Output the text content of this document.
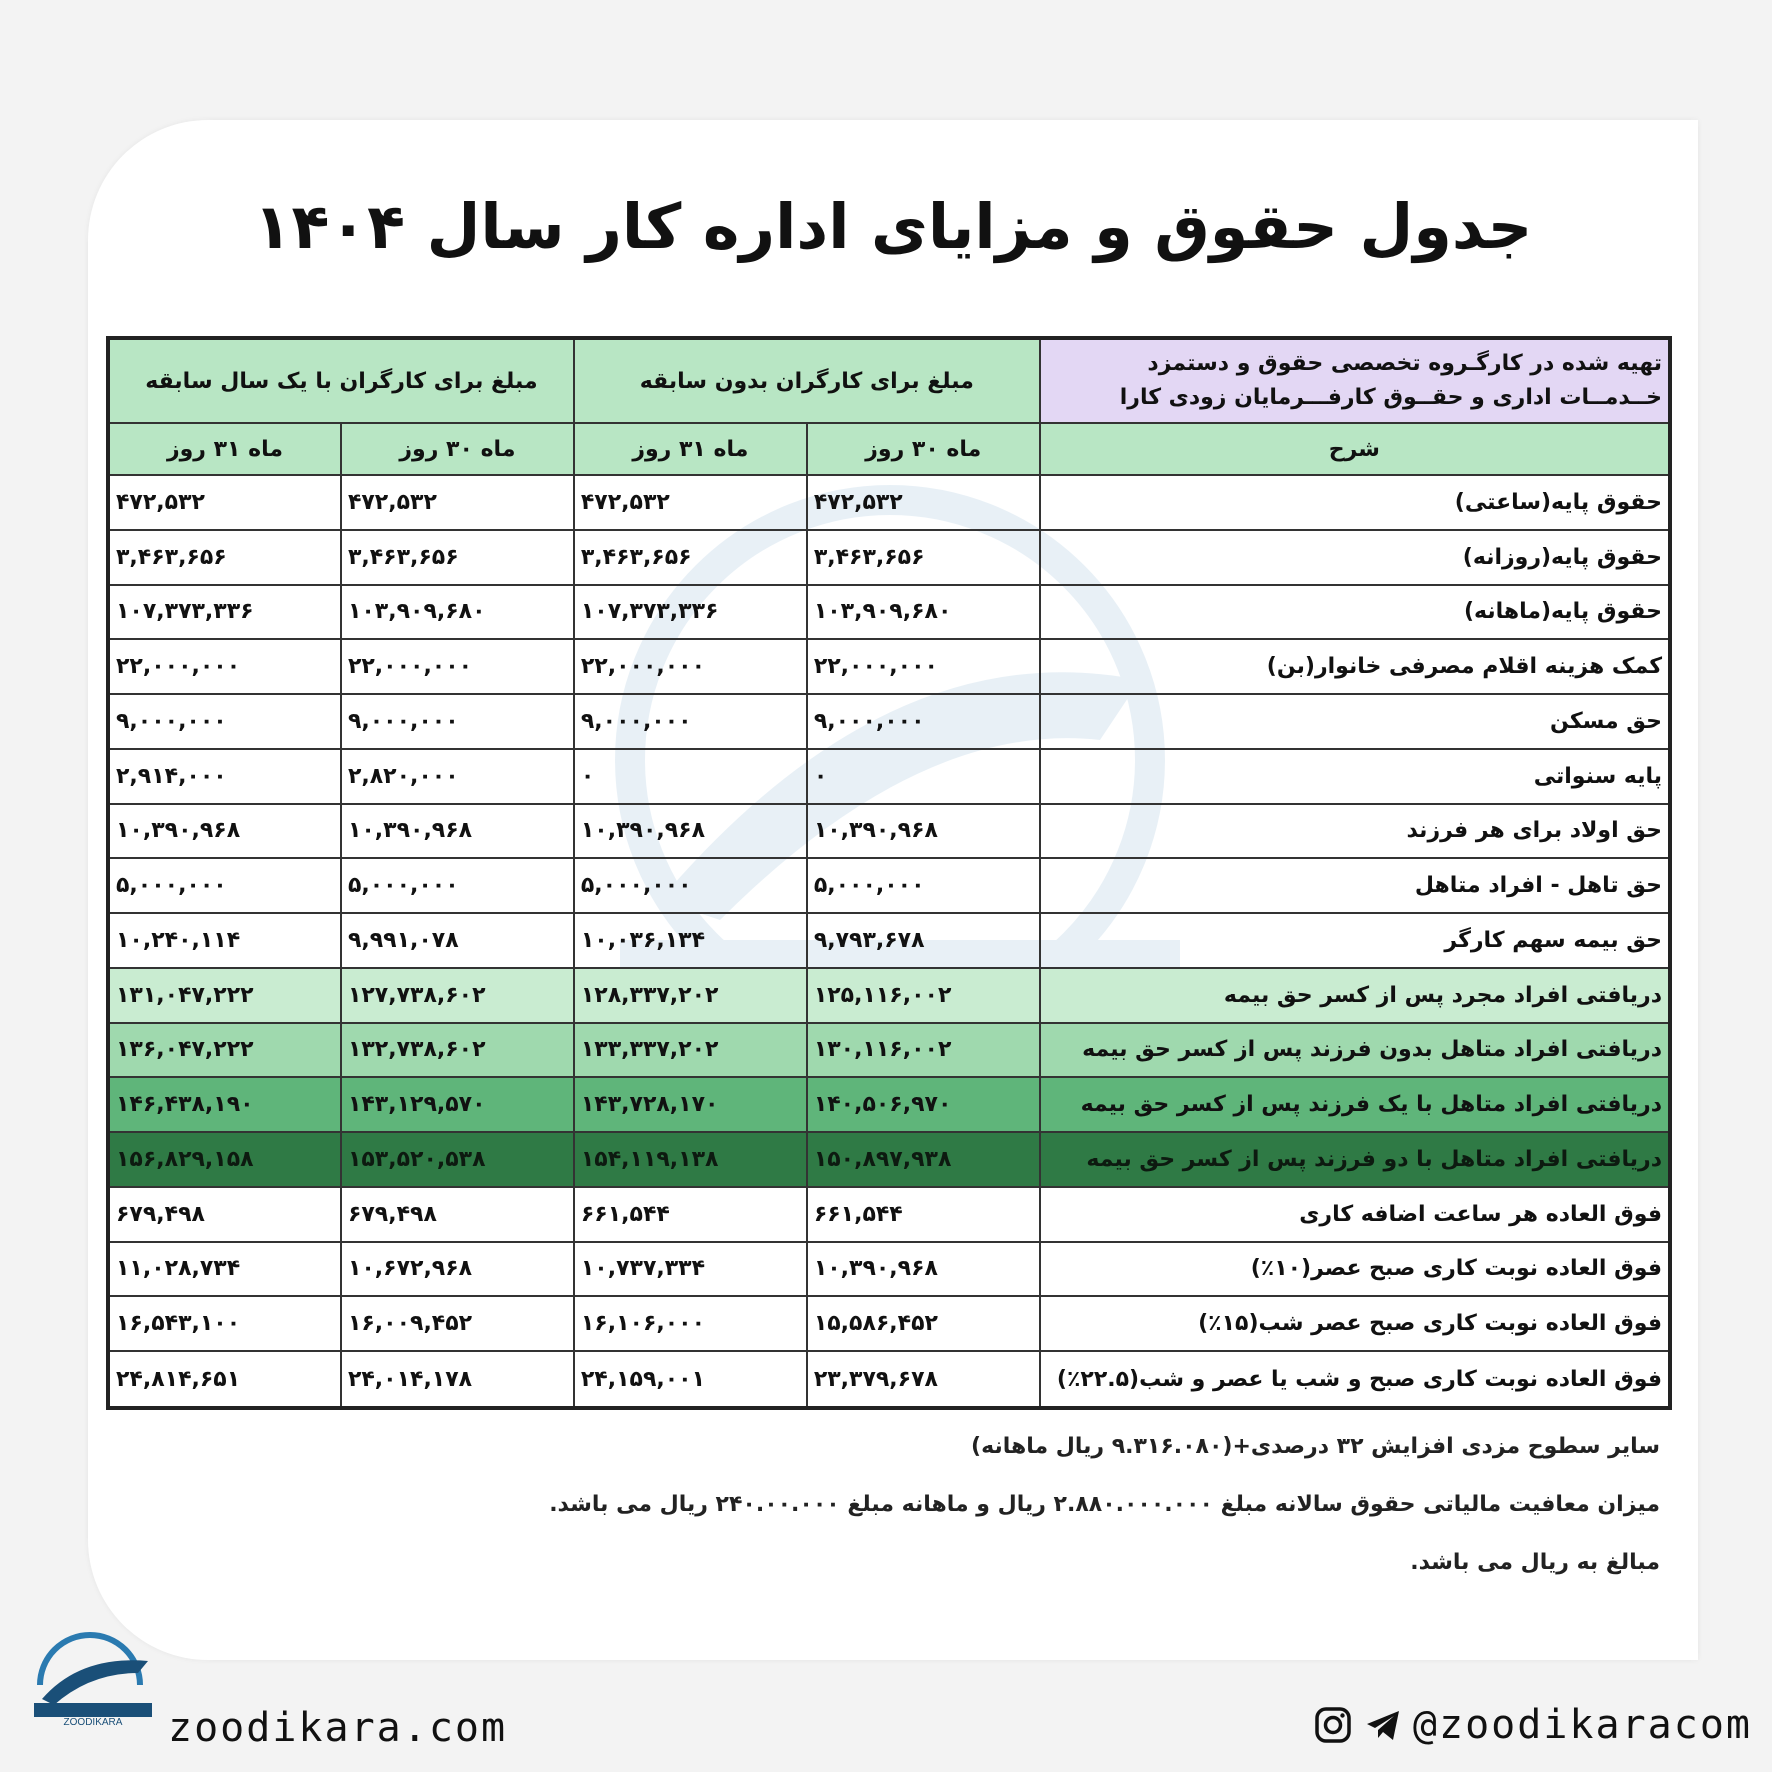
جدول حقوق و مزایای اداره کار سال ۱۴۰۴
تهیه شده در کارگـروه تخصصی حقوق و دستمزد
خــدمــات اداری و حقــوق کارفـــرمایان زودی کارا	مبلغ برای کارگران بدون سابقه		مبلغ برای کارگران با یک سال سابقه	
شرح	ماه ۳۰ روز	ماه ۳۱ روز	ماه ۳۰ روز	ماه ۳۱ روز
حقوق پایه(ساعتی)	۴۷۲,۵۳۲	۴۷۲,۵۳۲	۴۷۲,۵۳۲	۴۷۲,۵۳۲
حقوق پایه(روزانه)	۳,۴۶۳,۶۵۶	۳,۴۶۳,۶۵۶	۳,۴۶۳,۶۵۶	۳,۴۶۳,۶۵۶
حقوق پایه(ماهانه)	۱۰۳,۹۰۹,۶۸۰	۱۰۷,۳۷۳,۳۳۶	۱۰۳,۹۰۹,۶۸۰	۱۰۷,۳۷۳,۳۳۶
کمک هزینه اقلام مصرفی خانوار(بن)	۲۲,۰۰۰,۰۰۰	۲۲,۰۰۰,۰۰۰	۲۲,۰۰۰,۰۰۰	۲۲,۰۰۰,۰۰۰
حق مسکن	۹,۰۰۰,۰۰۰	۹,۰۰۰,۰۰۰	۹,۰۰۰,۰۰۰	۹,۰۰۰,۰۰۰
پایه سنواتی	۰	۰	۲,۸۲۰,۰۰۰	۲,۹۱۴,۰۰۰
حق اولاد برای هر فرزند	۱۰,۳۹۰,۹۶۸	۱۰,۳۹۰,۹۶۸	۱۰,۳۹۰,۹۶۸	۱۰,۳۹۰,۹۶۸
حق تاهل - افراد متاهل	۵,۰۰۰,۰۰۰	۵,۰۰۰,۰۰۰	۵,۰۰۰,۰۰۰	۵,۰۰۰,۰۰۰
حق بیمه سهم کارگر	۹,۷۹۳,۶۷۸	۱۰,۰۳۶,۱۳۴	۹,۹۹۱,۰۷۸	۱۰,۲۴۰,۱۱۴
دریافتی افراد مجرد پس از کسر حق بیمه	۱۲۵,۱۱۶,۰۰۲	۱۲۸,۳۳۷,۲۰۲	۱۲۷,۷۳۸,۶۰۲	۱۳۱,۰۴۷,۲۲۲
دریافتی افراد متاهل بدون فرزند پس از کسر حق بیمه	۱۳۰,۱۱۶,۰۰۲	۱۳۳,۳۳۷,۲۰۲	۱۳۲,۷۳۸,۶۰۲	۱۳۶,۰۴۷,۲۲۲
دریافتی افراد متاهل با یک فرزند پس از کسر حق بیمه	۱۴۰,۵۰۶,۹۷۰	۱۴۳,۷۲۸,۱۷۰	۱۴۳,۱۲۹,۵۷۰	۱۴۶,۴۳۸,۱۹۰
دریافتی افراد متاهل با دو فرزند پس از کسر حق بیمه	۱۵۰,۸۹۷,۹۳۸	۱۵۴,۱۱۹,۱۳۸	۱۵۳,۵۲۰,۵۳۸	۱۵۶,۸۲۹,۱۵۸
فوق العاده هر ساعت اضافه کاری	۶۶۱,۵۴۴	۶۶۱,۵۴۴	۶۷۹,۴۹۸	۶۷۹,۴۹۸
فوق العاده نوبت کاری صبح عصر(۱۰٪)	۱۰,۳۹۰,۹۶۸	۱۰,۷۳۷,۳۳۴	۱۰,۶۷۲,۹۶۸	۱۱,۰۲۸,۷۳۴
فوق العاده نوبت کاری صبح عصر شب(۱۵٪)	۱۵,۵۸۶,۴۵۲	۱۶,۱۰۶,۰۰۰	۱۶,۰۰۹,۴۵۲	۱۶,۵۴۳,۱۰۰
فوق العاده نوبت کاری صبح و شب یا عصر و شب(۲۲.۵٪)	۲۳,۳۷۹,۶۷۸	۲۴,۱۵۹,۰۰۱	۲۴,۰۱۴,۱۷۸	۲۴,۸۱۴,۶۵۱
سایر سطوح مزدی افزایش ۳۲ درصدی+(۹.۳۱۶.۰۸۰ ریال ماهانه)
میزان معافیت مالیاتی حقوق سالانه مبلغ ۲.۸۸۰.۰۰۰.۰۰۰ ریال و ماهانه مبلغ ۲۴۰.۰۰.۰۰۰ ریال می باشد.
مبالغ به ریال می باشد.
ZOODIKARA zoodikara.com	@zoodikaracom
